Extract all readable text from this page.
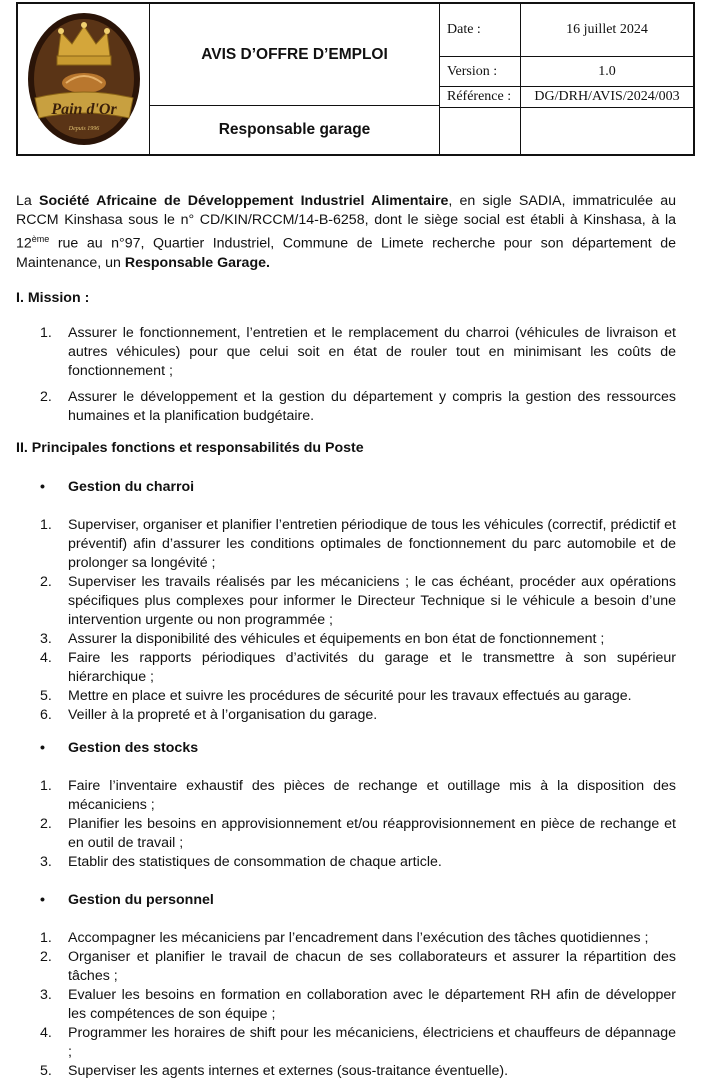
Pain d'Or
Depuis 1996
AVIS D’OFFRE D’EMPLOI
Responsable garage
Date :	16 juillet 2024
Version :	1.0
Référence :	DG/DRH/AVIS/2024/003

La Société Africaine de Développement Industriel Alimentaire, en sigle SADIA, immatriculée au RCCM Kinshasa sous le n° CD/KIN/RCCM/14-B-6258, dont le siège social est établi à Kinshasa, à la 12ème rue au n°97, Quartier Industriel, Commune de Limete recherche pour son département de Maintenance, un Responsable Garage.

I. Mission :

1.	Assurer le fonctionnement, l’entretien et le remplacement du charroi (véhicules de livraison et autres véhicules) pour que celui soit en état de rouler tout en minimisant les coûts de fonctionnement ;
2.	Assurer le développement et la gestion du département y compris la gestion des ressources humaines et la planification budgétaire.

II. Principales fonctions et responsabilités du Poste

•	Gestion du charroi
1.	Superviser, organiser et planifier l’entretien périodique de tous les véhicules (correctif, prédictif et préventif) afin d’assurer les conditions optimales de fonctionnement du parc automobile et de prolonger sa longévité ;
2.	Superviser les travails réalisés par les mécaniciens ; le cas échéant, procéder aux opérations spécifiques plus complexes pour informer le Directeur Technique si le véhicule a besoin d’une intervention urgente ou non programmée ;
3.	Assurer la disponibilité des véhicules et équipements en bon état de fonctionnement ;
4.	Faire les rapports périodiques d’activités du garage et le transmettre à son supérieur hiérarchique ;
5.	Mettre en place et suivre les procédures de sécurité pour les travaux effectués au garage.
6.	Veiller à la propreté et à l’organisation du garage.
•	Gestion des stocks
1.	Faire l’inventaire exhaustif des pièces de rechange et outillage mis à la disposition des mécaniciens ;
2.	Planifier les besoins en approvisionnement et/ou réapprovisionnement en pièce de rechange et en outil de travail ;
3.	Etablir des statistiques de consommation de chaque article.
•	Gestion du personnel
1.	Accompagner les mécaniciens par l’encadrement dans l’exécution des tâches quotidiennes ;
2.	Organiser et planifier le travail de chacun de ses collaborateurs et assurer la répartition des tâches ;
3.	Evaluer les besoins en formation en collaboration avec le département RH afin de développer les compétences de son équipe ;
4.	Programmer les horaires de shift pour les mécaniciens, électriciens et chauffeurs de dépannage ;
5.	Superviser les agents internes et externes (sous-traitance éventuelle).
